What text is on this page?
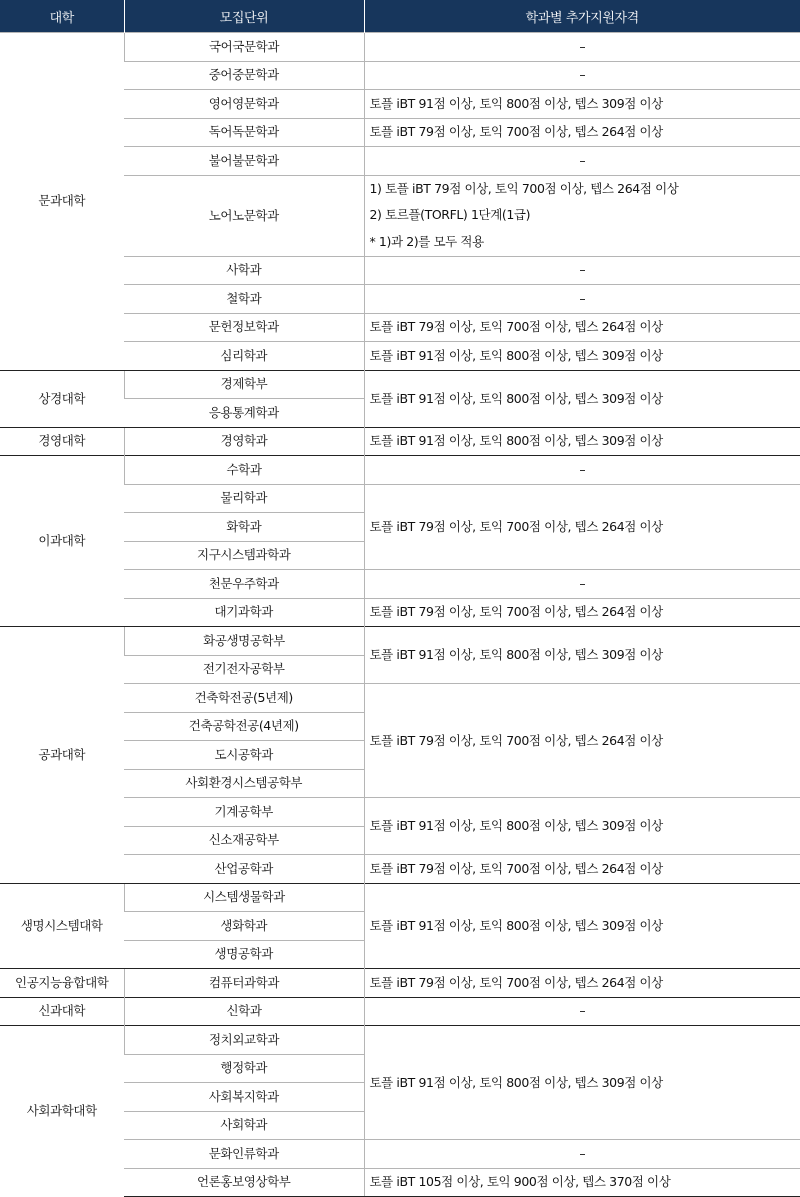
대학	모집단위	학과별 추가지원자격
문과대학	국어국문학과	–
	중어중문학과	–
	영어영문학과	토플 iBT 91점 이상, 토익 800점 이상, 텝스 309점 이상
	독어독문학과	토플 iBT 79점 이상, 토익 700점 이상, 텝스 264점 이상
	불어불문학과	–
	노어노문학과	1) 토플 iBT 79점 이상, 토익 700점 이상, 텝스 264점 이상
2) 토르플(TORFL) 1단계(1급)
* 1)과 2)를 모두 적용

	사학과	–
	철학과	–
	문헌정보학과	토플 iBT 79점 이상, 토익 700점 이상, 텝스 264점 이상
	심리학과	토플 iBT 91점 이상, 토익 800점 이상, 텝스 309점 이상
상경대학	경제학부	토플 iBT 91점 이상, 토익 800점 이상, 텝스 309점 이상
	응용통계학과	
경영대학	경영학과	토플 iBT 91점 이상, 토익 800점 이상, 텝스 309점 이상
이과대학	수학과	–
	물리학과	토플 iBT 79점 이상, 토익 700점 이상, 텝스 264점 이상
	화학과	
	지구시스템과학과	
	천문우주학과	–
	대기과학과	토플 iBT 79점 이상, 토익 700점 이상, 텝스 264점 이상
공과대학	화공생명공학부	토플 iBT 91점 이상, 토익 800점 이상, 텝스 309점 이상
	전기전자공학부	
	건축학전공(5년제)	토플 iBT 79점 이상, 토익 700점 이상, 텝스 264점 이상
	건축공학전공(4년제)	
	도시공학과	
	사회환경시스템공학부	
	기계공학부	토플 iBT 91점 이상, 토익 800점 이상, 텝스 309점 이상
	신소재공학부	
	산업공학과	토플 iBT 79점 이상, 토익 700점 이상, 텝스 264점 이상
생명시스템대학	시스템생물학과	토플 iBT 91점 이상, 토익 800점 이상, 텝스 309점 이상
	생화학과	
	생명공학과	
인공지능융합대학	컴퓨터과학과	토플 iBT 79점 이상, 토익 700점 이상, 텝스 264점 이상
신과대학	신학과	–
사회과학대학	정치외교학과	토플 iBT 91점 이상, 토익 800점 이상, 텝스 309점 이상
	행정학과	
	사회복지학과	
	사회학과	
	문화인류학과	–
	언론홍보영상학부	토플 iBT 105점 이상, 토익 900점 이상, 텝스 370점 이상
